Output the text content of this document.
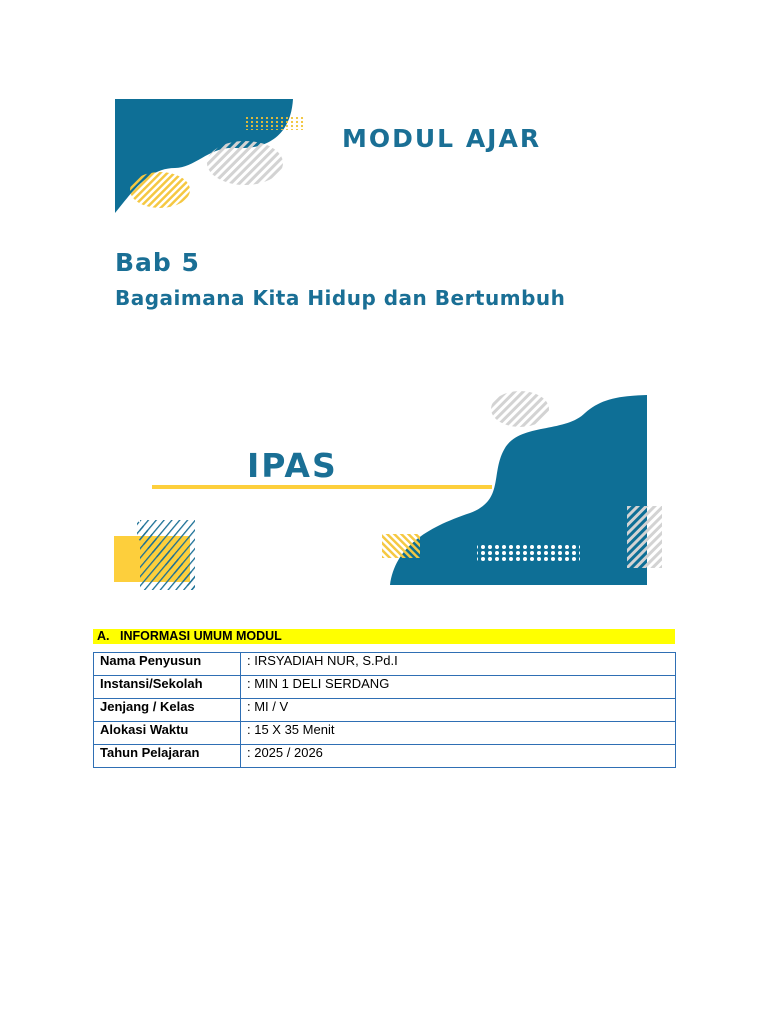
MODUL AJAR
Bab 5
Bagaimana Kita Hidup dan Bertumbuh
IPAS
A. INFORMASI UMUM MODUL
Nama Penyusun	: IRSYADIAH NUR, S.Pd.I
Instansi/Sekolah	: MIN 1 DELI SERDANG
Jenjang / Kelas	: MI / V
Alokasi Waktu	: 15 X 35 Menit
Tahun Pelajaran	: 2025 / 2026
